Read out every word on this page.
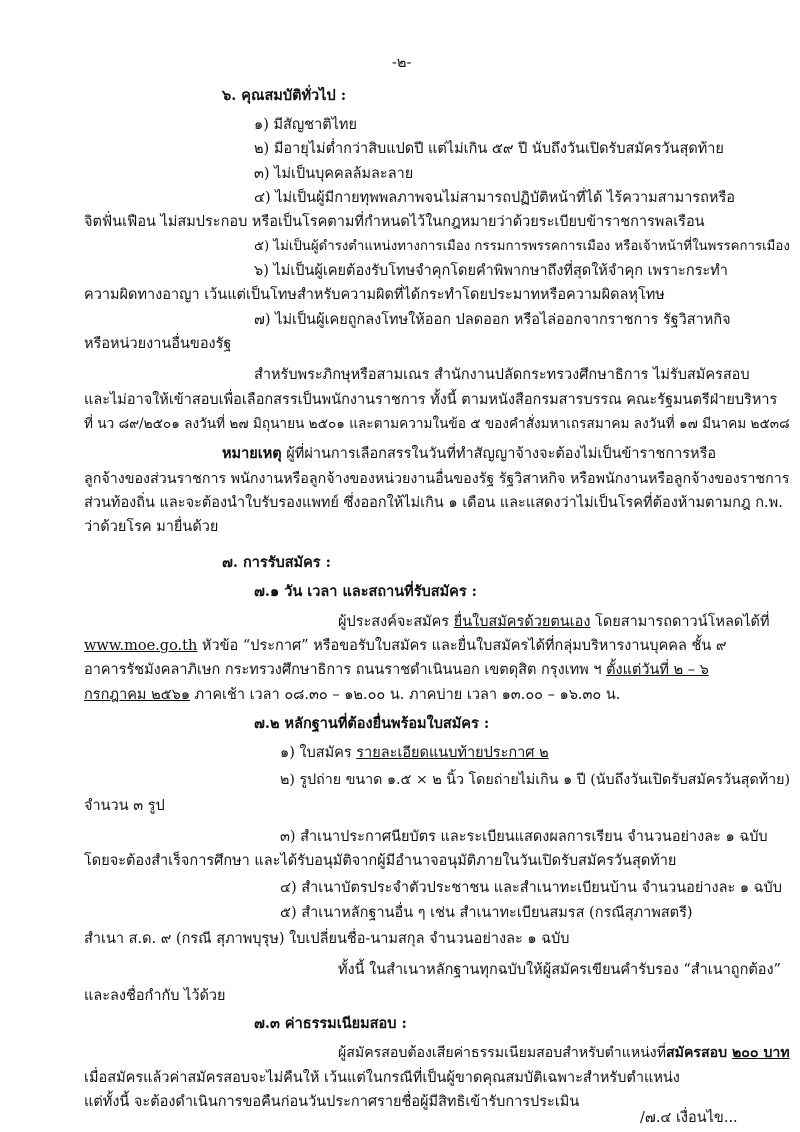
-๒-
๖. คุณสมบัติทั่วไป :
๑) มีสัญชาติไทย
๒) มีอายุไม่ต่ำกว่าสิบแปดปี แต่ไม่เกิน ๕๙ ปี นับถึงวันเปิดรับสมัครวันสุดท้าย
๓) ไม่เป็นบุคคลล้มละลาย
๔) ไม่เป็นผู้มีกายทุพพลภาพจนไม่สามารถปฏิบัติหน้าที่ได้ ไร้ความสามารถหรือ
จิตฟั่นเฟือน ไม่สมประกอบ หรือเป็นโรคตามที่กำหนดไว้ในกฎหมายว่าด้วยระเบียบข้าราชการพลเรือน
๕) ไม่เป็นผู้ดำรงตำแหน่งทางการเมือง กรรมการพรรคการเมือง หรือเจ้าหน้าที่ในพรรคการเมือง
๖) ไม่เป็นผู้เคยต้องรับโทษจำคุกโดยคำพิพากษาถึงที่สุดให้จำคุก เพราะกระทำ
ความผิดทางอาญา เว้นแต่เป็นโทษสำหรับความผิดที่ได้กระทำโดยประมาทหรือความผิดลหุโทษ
๗) ไม่เป็นผู้เคยถูกลงโทษให้ออก ปลดออก หรือไล่ออกจากราชการ รัฐวิสาหกิจ
หรือหน่วยงานอื่นของรัฐ
สำหรับพระภิกษุหรือสามเณร สำนักงานปลัดกระทรวงศึกษาธิการ ไม่รับสมัครสอบ
และไม่อาจให้เข้าสอบเพื่อเลือกสรรเป็นพนักงานราชการ ทั้งนี้ ตามหนังสือกรมสารบรรณ คณะรัฐมนตรีฝ่ายบริหาร
ที่ นว ๘๙/๒๕๐๑ ลงวันที่ ๒๗ มิถุนายน ๒๕๐๑ และตามความในข้อ ๕ ของคำสั่งมหาเถรสมาคม ลงวันที่ ๑๗ มีนาคม ๒๕๓๘
หมายเหตุ ผู้ที่ผ่านการเลือกสรรในวันที่ทำสัญญาจ้างจะต้องไม่เป็นข้าราชการหรือ
ลูกจ้างของส่วนราชการ พนักงานหรือลูกจ้างของหน่วยงานอื่นของรัฐ รัฐวิสาหกิจ หรือพนักงานหรือลูกจ้างของราชการ
ส่วนท้องถิ่น และจะต้องนำใบรับรองแพทย์ ซึ่งออกให้ไม่เกิน ๑ เดือน และแสดงว่าไม่เป็นโรคที่ต้องห้ามตามกฎ ก.พ.
ว่าด้วยโรค มายื่นด้วย
๗. การรับสมัคร :
๗.๑ วัน เวลา และสถานที่รับสมัคร :
ผู้ประสงค์จะสมัคร ยื่นใบสมัครด้วยตนเอง โดยสามารถดาวน์โหลดได้ที่
www.moe.go.th หัวข้อ “ประกาศ” หรือขอรับใบสมัคร และยื่นใบสมัครได้ที่กลุ่มบริหารงานบุคคล ชั้น ๙
อาคารรัชมังคลาภิเษก กระทรวงศึกษาธิการ ถนนราชดำเนินนอก เขตดุสิต กรุงเทพ ฯ ตั้งแต่วันที่ ๒ – ๖
กรกฎาคม ๒๕๖๑ ภาคเช้า เวลา ๐๘.๓๐ – ๑๒.๐๐ น. ภาคบ่าย เวลา ๑๓.๐๐ – ๑๖.๓๐ น.
๗.๒ หลักฐานที่ต้องยื่นพร้อมใบสมัคร :
๑) ใบสมัคร รายละเอียดแนบท้ายประกาศ ๒
๒) รูปถ่าย ขนาด ๑.๕ × ๒ นิ้ว โดยถ่ายไม่เกิน ๑ ปี (นับถึงวันเปิดรับสมัครวันสุดท้าย)
จำนวน ๓ รูป
๓) สำเนาประกาศนียบัตร และระเบียนแสดงผลการเรียน จำนวนอย่างละ ๑ ฉบับ
โดยจะต้องสำเร็จการศึกษา และได้รับอนุมัติจากผู้มีอำนาจอนุมัติภายในวันเปิดรับสมัครวันสุดท้าย
๔) สำเนาบัตรประจำตัวประชาชน และสำเนาทะเบียนบ้าน จำนวนอย่างละ ๑ ฉบับ
๕) สำเนาหลักฐานอื่น ๆ เช่น สำเนาทะเบียนสมรส (กรณีสุภาพสตรี)
สำเนา ส.ด. ๙ (กรณี สุภาพบุรุษ) ใบเปลี่ยนชื่อ-นามสกุล จำนวนอย่างละ ๑ ฉบับ
ทั้งนี้ ในสำเนาหลักฐานทุกฉบับให้ผู้สมัครเขียนคำรับรอง “สำเนาถูกต้อง”
และลงชื่อกำกับ ไว้ด้วย
๗.๓ ค่าธรรมเนียมสอบ :
ผู้สมัครสอบต้องเสียค่าธรรมเนียมสอบสำหรับตำแหน่งที่สมัครสอบ ๒๐๐ บาท
เมื่อสมัครแล้วค่าสมัครสอบจะไม่คืนให้ เว้นแต่ในกรณีที่เป็นผู้ขาดคุณสมบัติเฉพาะสำหรับตำแหน่ง
แต่ทั้งนี้ จะต้องดำเนินการขอคืนก่อนวันประกาศรายชื่อผู้มีสิทธิเข้ารับการประเมิน
/๗.๔ เงื่อนไข...
